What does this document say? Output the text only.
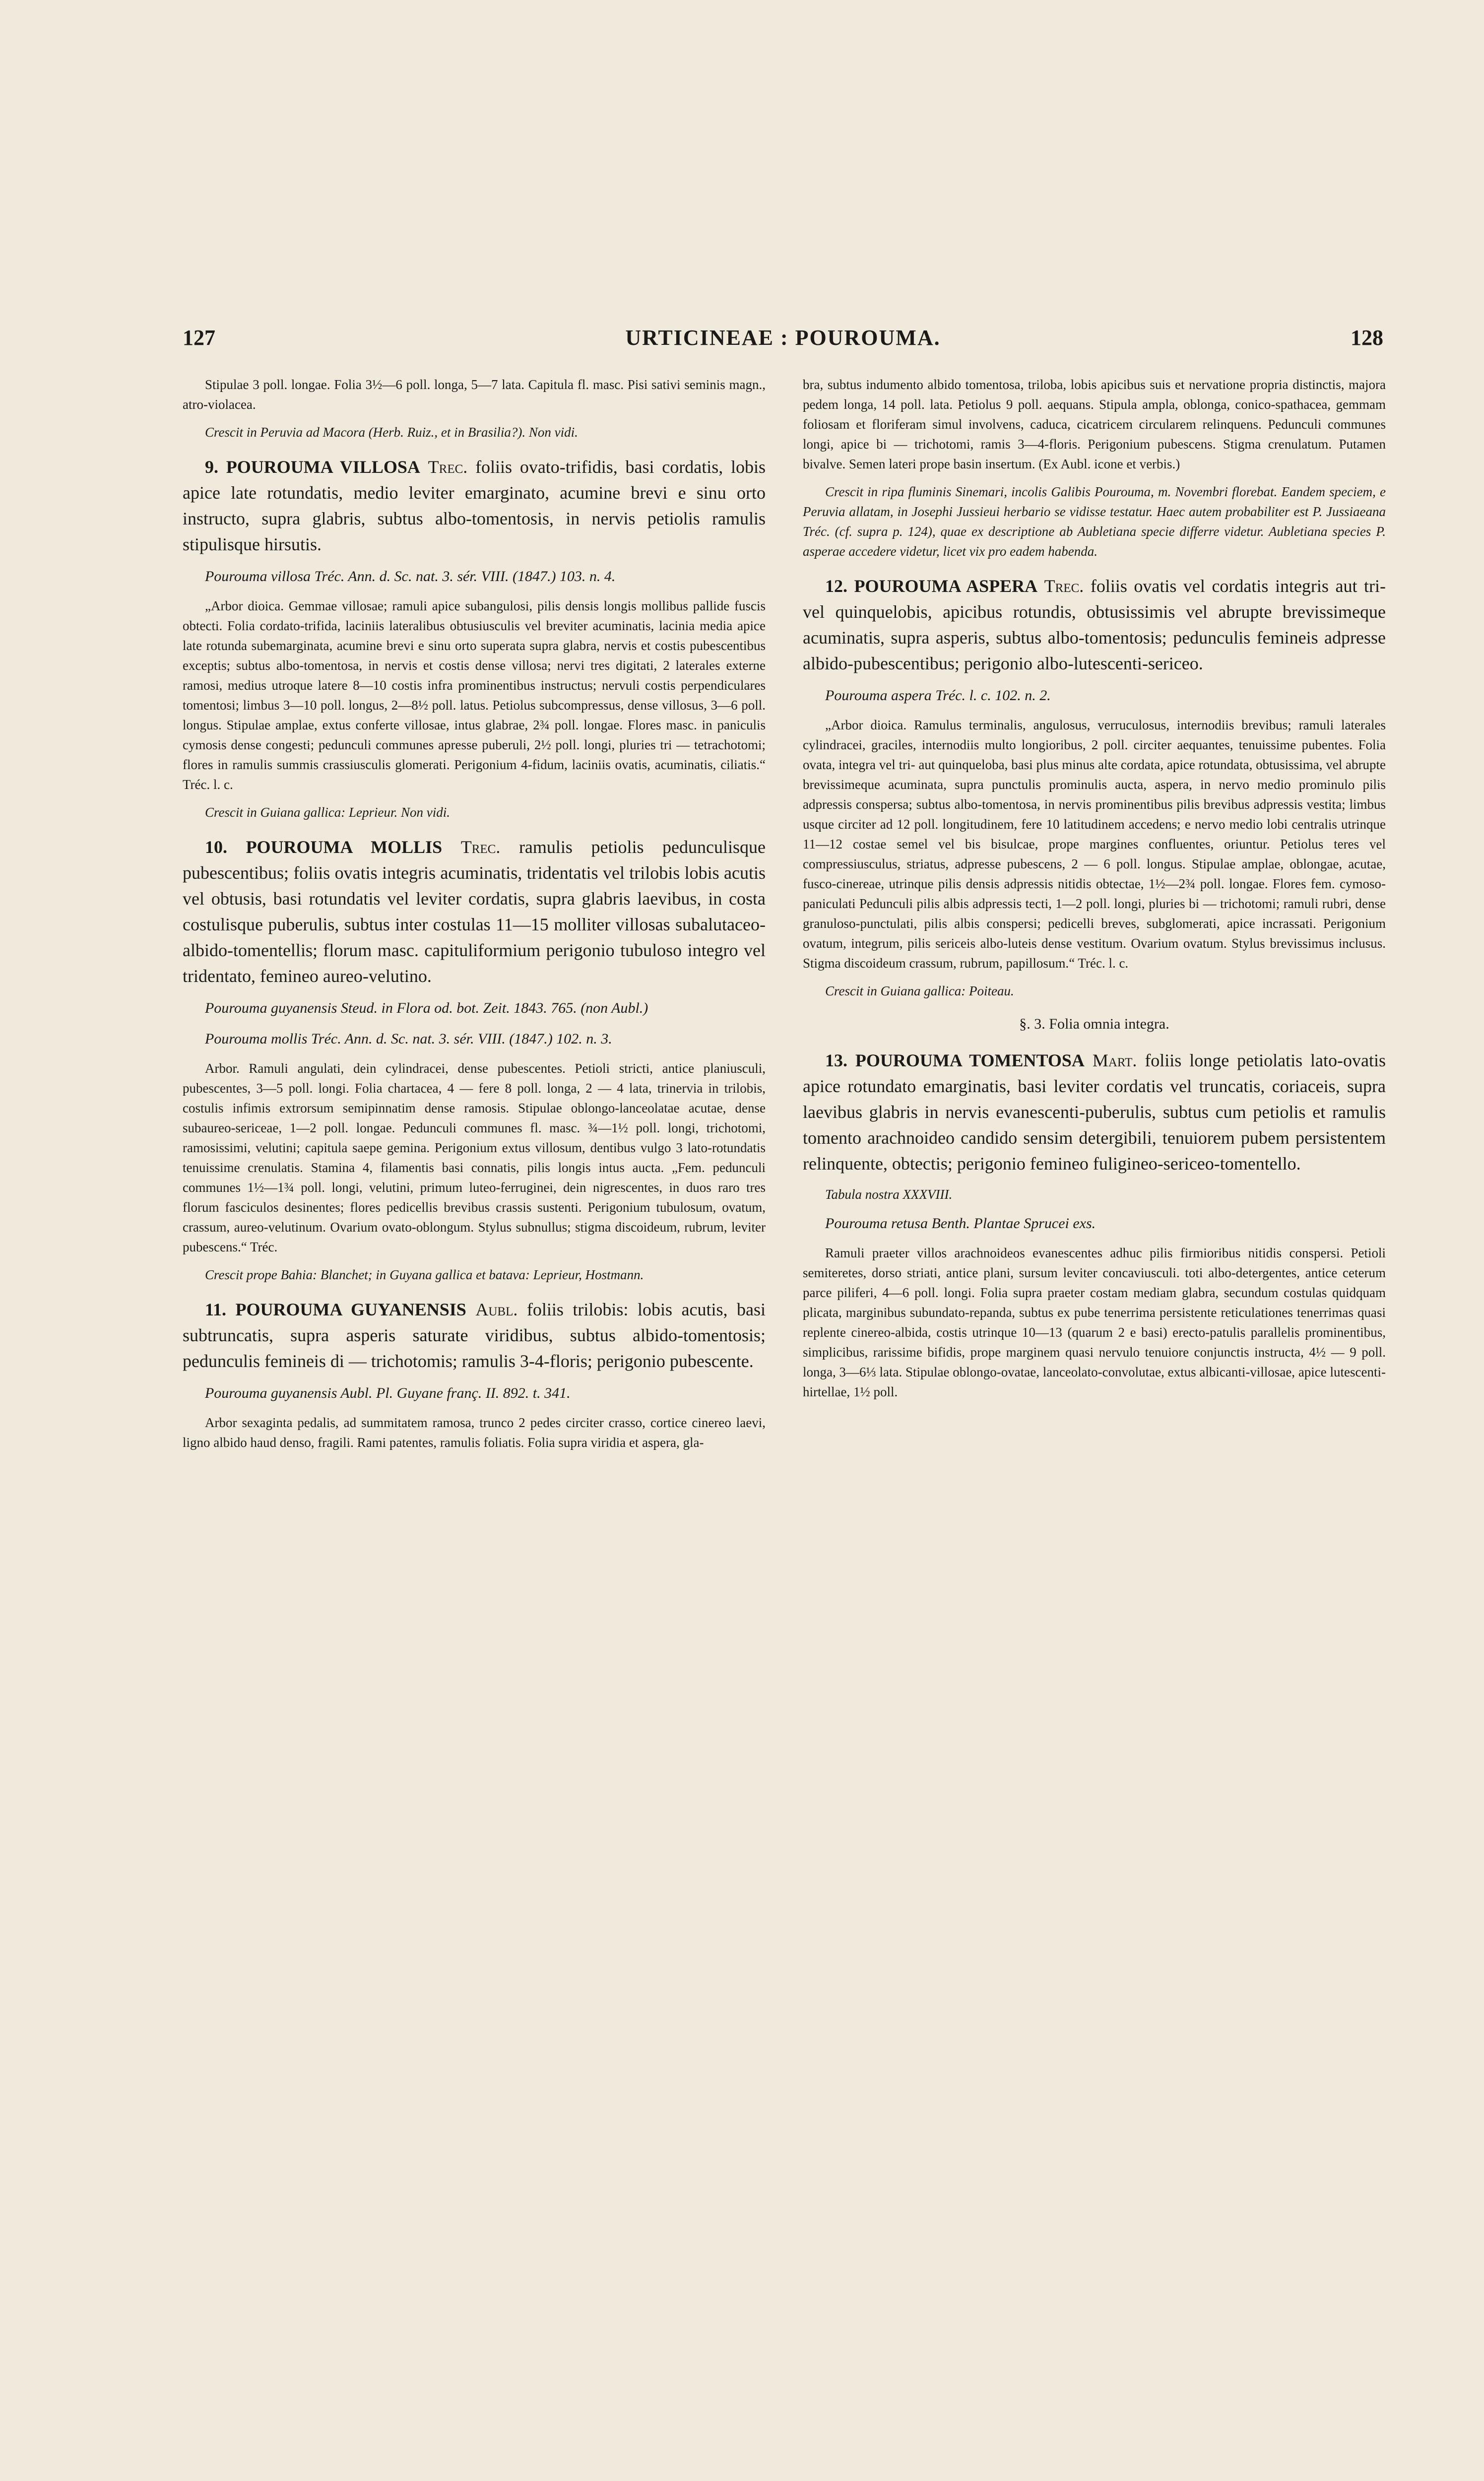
127	URTICINEAE : POUROUMA.	128

Stipulae 3 poll. longae. Folia 3½—6 poll. longa, 5—7 lata. Capitula fl. masc. Pisi sativi seminis magn., atro-violacea.

Crescit in Peruvia ad Macora (Herb. Ruiz., et in Brasilia?). Non vidi.

9. POUROUMA VILLOSA Trec. foliis ovato-trifidis, basi cordatis, lobis apice late rotundatis, medio leviter emarginato, acumine brevi e sinu orto instructo, supra glabris, subtus albo-tomentosis, in nervis petiolis ramulis stipulisque hirsutis.

Pourouma villosa Tréc. Ann. d. Sc. nat. 3. sér. VIII. (1847.) 103. n. 4.

„Arbor dioica. Gemmae villosae; ramuli apice subangulosi, pilis densis longis mollibus pallide fuscis obtecti. Folia cordato-trifida, laciniis lateralibus obtusiusculis vel breviter acuminatis, lacinia media apice late rotunda subemarginata, acumine brevi e sinu orto superata supra glabra, nervis et costis pubescentibus exceptis; subtus albo-tomentosa, in nervis et costis dense villosa; nervi tres digitati, 2 laterales externe ramosi, medius utroque latere 8—10 costis infra prominentibus instructus; nervuli costis perpendiculares tomentosi; limbus 3—10 poll. longus, 2—8½ poll. latus. Petiolus subcompressus, dense villosus, 3—6 poll. longus. Stipulae amplae, extus conferte villosae, intus glabrae, 2¾ poll. longae. Flores masc. in paniculis cymosis dense congesti; pedunculi communes apresse puberuli, 2½ poll. longi, pluries tri — tetrachotomi; flores in ramulis summis crassiusculis glomerati. Perigonium 4-fidum, laciniis ovatis, acuminatis, ciliatis.“ Tréc. l. c.

Crescit in Guiana gallica: Leprieur. Non vidi.

10. POUROUMA MOLLIS Trec. ramulis petiolis pedunculisque pubescentibus; foliis ovatis integris acuminatis, tridentatis vel trilobis lobis acutis vel obtusis, basi rotundatis vel leviter cordatis, supra glabris laevibus, in costa costulisque puberulis, subtus inter costulas 11—15 molliter villosas subalutaceo-albido-tomentellis; florum masc. capituliformium perigonio tubuloso integro vel tridentato, femineo aureo-velutino.

Pourouma guyanensis Steud. in Flora od. bot. Zeit. 1843. 765. (non Aubl.)

Pourouma mollis Tréc. Ann. d. Sc. nat. 3. sér. VIII. (1847.) 102. n. 3.

Arbor. Ramuli angulati, dein cylindracei, dense pubescentes. Petioli stricti, antice planiusculi, pubescentes, 3—5 poll. longi. Folia chartacea, 4 — fere 8 poll. longa, 2 — 4 lata, trinervia in trilobis, costulis infimis extrorsum semipinnatim dense ramosis. Stipulae oblongo-lanceolatae acutae, dense subaureo-sericeae, 1—2 poll. longae. Pedunculi communes fl. masc. ¾—1½ poll. longi, trichotomi, ramosissimi, velutini; capitula saepe gemina. Perigonium extus villosum, dentibus vulgo 3 lato-rotundatis tenuissime crenulatis. Stamina 4, filamentis basi connatis, pilis longis intus aucta. „Fem. pedunculi communes 1½—1¾ poll. longi, velutini, primum luteo-ferruginei, dein nigrescentes, in duos raro tres florum fasciculos desinentes; flores pedicellis brevibus crassis sustenti. Perigonium tubulosum, ovatum, crassum, aureo-velutinum. Ovarium ovato-oblongum. Stylus subnullus; stigma discoideum, rubrum, leviter pubescens.“ Tréc.

Crescit prope Bahia: Blanchet; in Guyana gallica et batava: Leprieur, Hostmann.

11. POUROUMA GUYANENSIS Aubl. foliis trilobis: lobis acutis, basi subtruncatis, supra asperis saturate viridibus, subtus albido-tomentosis; pedunculis femineis di — trichotomis; ramulis 3-4-floris; perigonio pubescente.

Pourouma guyanensis Aubl. Pl. Guyane franç. II. 892. t. 341.

Arbor sexaginta pedalis, ad summitatem ramosa, trunco 2 pedes circiter crasso, cortice cinereo laevi, ligno albido haud denso, fragili. Rami patentes, ramulis foliatis. Folia supra viridia et aspera, gla-

bra, subtus indumento albido tomentosa, triloba, lobis apicibus suis et nervatione propria distinctis, majora pedem longa, 14 poll. lata. Petiolus 9 poll. aequans. Stipula ampla, oblonga, conico-spathacea, gemmam foliosam et floriferam simul involvens, caduca, cicatricem circularem relinquens. Pedunculi communes longi, apice bi — trichotomi, ramis 3—4-floris. Perigonium pubescens. Stigma crenulatum. Putamen bivalve. Semen lateri prope basin insertum. (Ex Aubl. icone et verbis.)

Crescit in ripa fluminis Sinemari, incolis Galibis Pourouma, m. Novembri florebat. Eandem speciem, e Peruvia allatam, in Josephi Jussieui herbario se vidisse testatur. Haec autem probabiliter est P. Jussiaeana Tréc. (cf. supra p. 124), quae ex descriptione ab Aubletiana specie differre videtur. Aubletiana species P. asperae accedere videtur, licet vix pro eadem habenda.

12. POUROUMA ASPERA Trec. foliis ovatis vel cordatis integris aut tri- vel quinquelobis, apicibus rotundis, obtusissimis vel abrupte brevissimeque acuminatis, supra asperis, subtus albo-tomentosis; pedunculis femineis adpresse albido-pubescentibus; perigonio albo-lutescenti-sericeo.

Pourouma aspera Tréc. l. c. 102. n. 2.

„Arbor dioica. Ramulus terminalis, angulosus, verruculosus, internodiis brevibus; ramuli laterales cylindracei, graciles, internodiis multo longioribus, 2 poll. circiter aequantes, tenuissime pubentes. Folia ovata, integra vel tri- aut quinqueloba, basi plus minus alte cordata, apice rotundata, obtusissima, vel abrupte brevissimeque acuminata, supra punctulis prominulis aucta, aspera, in nervo medio prominulo pilis adpressis conspersa; subtus albo-tomentosa, in nervis prominentibus pilis brevibus adpressis vestita; limbus usque circiter ad 12 poll. longitudinem, fere 10 latitudinem accedens; e nervo medio lobi centralis utrinque 11—12 costae semel vel bis bisulcae, prope margines confluentes, oriuntur. Petiolus teres vel compressiusculus, striatus, adpresse pubescens, 2 — 6 poll. longus. Stipulae amplae, oblongae, acutae, fusco-cinereae, utrinque pilis densis adpressis nitidis obtectae, 1½—2¾ poll. longae. Flores fem. cymoso-paniculati Pedunculi pilis albis adpressis tecti, 1—2 poll. longi, pluries bi — trichotomi; ramuli rubri, dense granuloso-punctulati, pilis albis conspersi; pedicelli breves, subglomerati, apice incrassati. Perigonium ovatum, integrum, pilis sericeis albo-luteis dense vestitum. Ovarium ovatum. Stylus brevissimus inclusus. Stigma discoideum crassum, rubrum, papillosum.“ Tréc. l. c.

Crescit in Guiana gallica: Poiteau.

§. 3. Folia omnia integra.

13. POUROUMA TOMENTOSA Mart. foliis longe petiolatis lato-ovatis apice rotundato emarginatis, basi leviter cordatis vel truncatis, coriaceis, supra laevibus glabris in nervis evanescenti-puberulis, subtus cum petiolis et ramulis tomento arachnoideo candido sensim detergibili, tenuiorem pubem persistentem relinquente, obtectis; perigonio femineo fuligineo-sericeo-tomentello.

Tabula nostra XXXVIII.

Pourouma retusa Benth. Plantae Sprucei exs.

Ramuli praeter villos arachnoideos evanescentes adhuc pilis firmioribus nitidis conspersi. Petioli semiteretes, dorso striati, antice plani, sursum leviter concaviusculi. toti albo-detergentes, antice ceterum parce piliferi, 4—6 poll. longi. Folia supra praeter costam mediam glabra, secundum costulas quidquam plicata, marginibus subundato-repanda, subtus ex pube tenerrima persistente reticulationes tenerrimas quasi replente cinereo-albida, costis utrinque 10—13 (quarum 2 e basi) erecto-patulis parallelis prominentibus, simplicibus, rarissime bifidis, prope marginem quasi nervulo tenuiore conjunctis instructa, 4½ — 9 poll. longa, 3—6⅓ lata. Stipulae oblongo-ovatae, lanceolato-convolutae, extus albicanti-villosae, apice lutescenti-hirtellae, 1½ poll.
